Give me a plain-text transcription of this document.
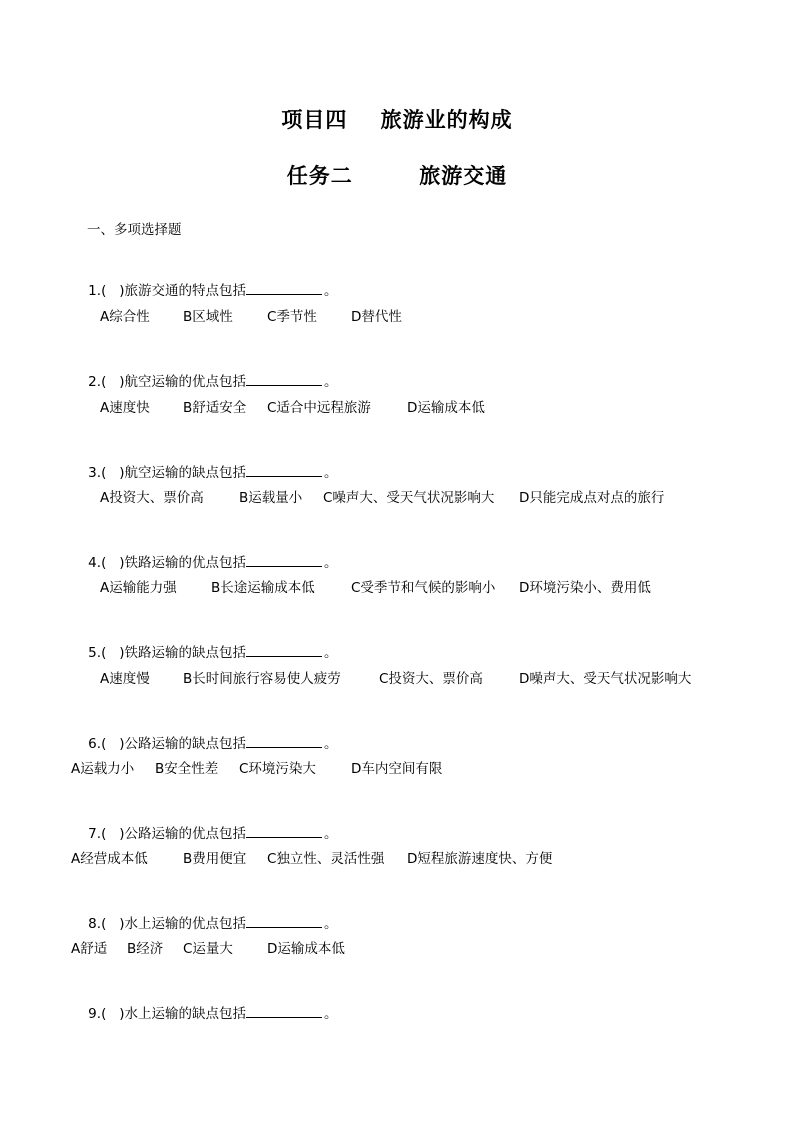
项目四    旅游业的构成
任务二        旅游交通
一、多项选择题

1.(   )旅游交通的特点包括	。

A综合性

B区域性

	C季节性

	D替代性

2.(   )航空运输的优点包括	。

A速度快

B舒适安全

C适合中远程旅游

	D运输成本低

3.(   )航空运输的缺点包括	。

A投资大、票价高

	B运载量小

C噪声大、受天气状况影响大

D只能完成点对点的旅行

4.(   )铁路运输的优点包括	。

A运输能力强

	B长途运输成本低

	C受季节和气候的影响小

D环境污染小、费用低

5.(   )铁路运输的缺点包括	。

A速度慢

B长时间旅行容易使人疲劳

	C投资大、票价高

	D噪声大、受天气状况影响大

6.(   )公路运输的缺点包括	。

A运载力小

B安全性差

C环境污染大

	D车内空间有限

7.(   )公路运输的优点包括	。

A经营成本低

	B费用便宜

C独立性、灵活性强

D短程旅游速度快、方便

8.(   )水上运输的优点包括	。

A舒适

B经济

C运量大

	D运输成本低

9.(   )水上运输的缺点包括	。
